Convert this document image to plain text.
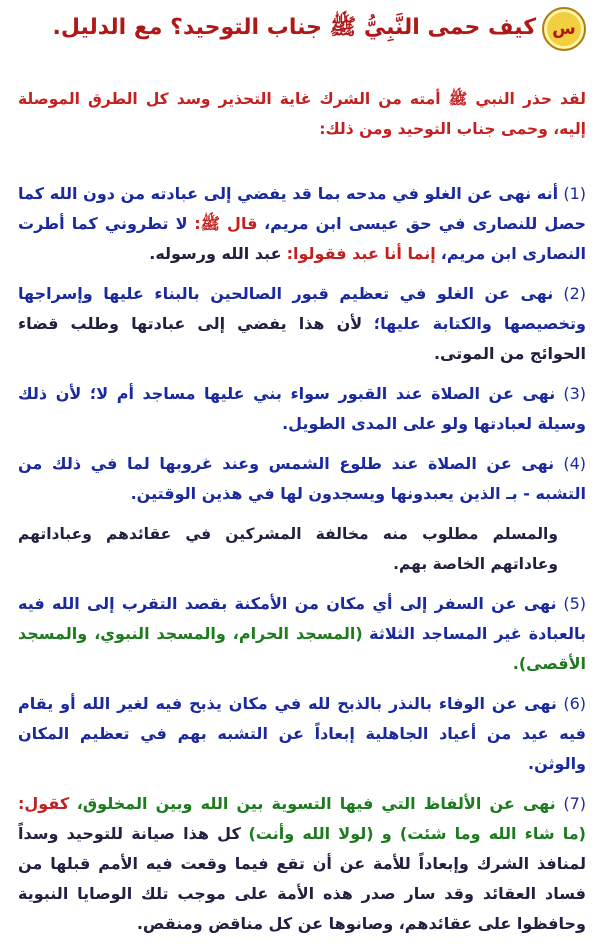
س
كيف حمى النَّبِيُّ ﷺ جناب التوحيد؟ مع الدليل.

لقد حذر النبي ﷺ أمته من الشرك غاية التحذير وسد كل الطرق الموصلة إليه، وحمى جناب التوحيد ومن ذلك:

(1) أنه نهى عن الغلو في مدحه بما قد يفضي إلى عبادته من دون الله كما حصل للنصارى في حق عيسى ابن مريم، قال ﷺ: لا تطروني كما أطرت النصارى ابن مريم، إنما أنا عبد فقولوا: عبد الله ورسوله.

(2) نهى عن الغلو في تعظيم قبور الصالحين بالبناء عليها وإسراجها وتخصيصها والكتابة عليها؛ لأن هذا يفضي إلى عبادتها وطلب قضاء الحوائج من الموتى.

(3) نهى عن الصلاة عند القبور سواء بني عليها مساجد أم لا؛ لأن ذلك وسيلة لعبادتها ولو على المدى الطويل.

(4) نهى عن الصلاة عند طلوع الشمس وعند غروبها لما في ذلك من التشبه - بـ الذين يعبدونها ويسجدون لها في هذين الوقتين.

والمسلم مطلوب منه مخالفة المشركين في عقائدهم وعباداتهم وعاداتهم الخاصة بهم.

(5) نهى عن السفر إلى أي مكان من الأمكنة بقصد التقرب إلى الله فيه بالعبادة غير المساجد الثلاثة (المسجد الحرام، والمسجد النبوي، والمسجد الأقصى).

(6) نهى عن الوفاء بالنذر بالذبح لله في مكان يذبح فيه لغير الله أو يقام فيه عيد من أعياد الجاهلية إبعاداً عن التشبه بهم في تعظيم المكان والوثن.

(7) نهى عن الألفاظ التي فيها التسوية بين الله وبين المخلوق، كقول: (ما شاء الله وما شئت) و (لولا الله وأنت) كل هذا صيانة للتوحيد وسداً لمنافذ الشرك وإبعاداً للأمة عن أن تقع فيما وقعت فيه الأمم قبلها من فساد العقائد وقد سار صدر هذه الأمة على موجب تلك الوصايا النبوية وحافظوا على عقائدهم، وصانوها عن كل مناقض ومنقص.
